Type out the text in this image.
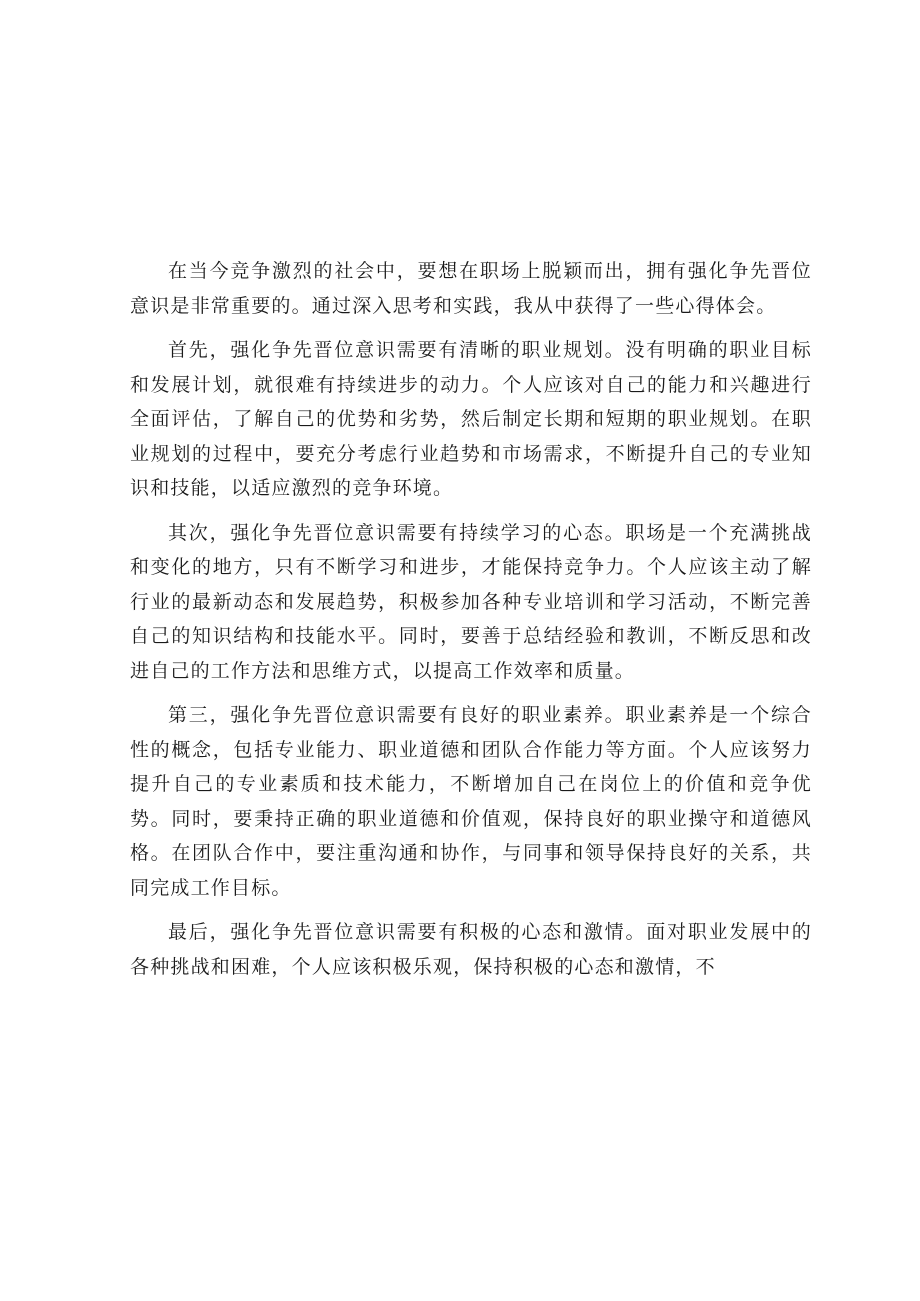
在当今竞争激烈的社会中，要想在职场上脱颖而出，拥有强化争先晋位意识是非常重要的。通过深入思考和实践，我从中获得了一些心得体会。

首先，强化争先晋位意识需要有清晰的职业规划。没有明确的职业目标和发展计划，就很难有持续进步的动力。个人应该对自己的能力和兴趣进行全面评估，了解自己的优势和劣势，然后制定长期和短期的职业规划。在职业规划的过程中，要充分考虑行业趋势和市场需求，不断提升自己的专业知识和技能，以适应激烈的竞争环境。

其次，强化争先晋位意识需要有持续学习的心态。职场是一个充满挑战和变化的地方，只有不断学习和进步，才能保持竞争力。个人应该主动了解行业的最新动态和发展趋势，积极参加各种专业培训和学习活动，不断完善自己的知识结构和技能水平。同时，要善于总结经验和教训，不断反思和改进自己的工作方法和思维方式，以提高工作效率和质量。

第三，强化争先晋位意识需要有良好的职业素养。职业素养是一个综合性的概念，包括专业能力、职业道德和团队合作能力等方面。个人应该努力提升自己的专业素质和技术能力，不断增加自己在岗位上的价值和竞争优势。同时，要秉持正确的职业道德和价值观，保持良好的职业操守和道德风格。在团队合作中，要注重沟通和协作，与同事和领导保持良好的关系，共同完成工作目标。

最后，强化争先晋位意识需要有积极的心态和激情。面对职业发展中的各种挑战和困难，个人应该积极乐观，保持积极的心态和激情，不
